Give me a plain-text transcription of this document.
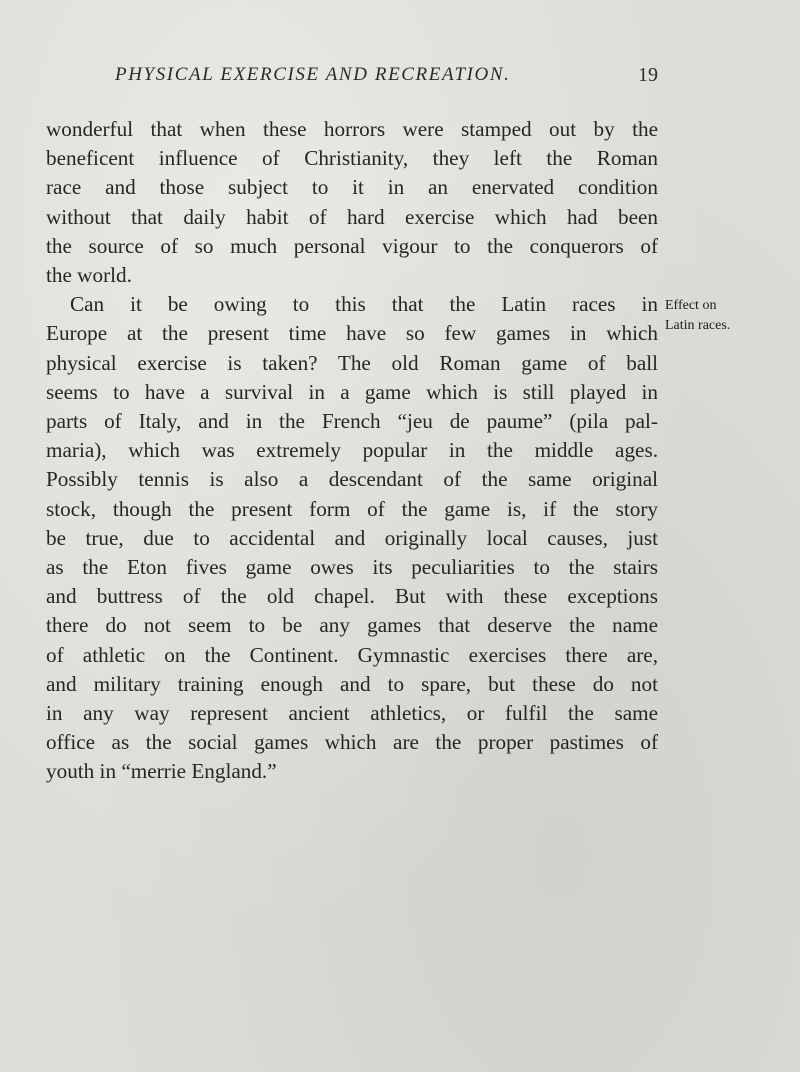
PHYSICAL EXERCISE AND RECREATION.	19
Effect on
Latin races.
wonderful that when these horrors were stamped out by the
beneficent influence of Christianity, they left the Roman
race and those subject to it in an enervated condition
without that daily habit of hard exercise which had been
the source of so much personal vigour to the conquerors of
the world.
Can it be owing to this that the Latin races in
Europe at the present time have so few games in which
physical exercise is taken? The old Roman game of ball
seems to have a survival in a game which is still played in
parts of Italy, and in the French “jeu de paume” (pila pal-
maria), which was extremely popular in the middle ages.
Possibly tennis is also a descendant of the same original
stock, though the present form of the game is, if the story
be true, due to accidental and originally local causes, just
as the Eton fives game owes its peculiarities to the stairs
and buttress of the old chapel. But with these exceptions
there do not seem to be any games that deserve the name
of athletic on the Continent. Gymnastic exercises there are,
and military training enough and to spare, but these do not
in any way represent ancient athletics, or fulfil the same
office as the social games which are the proper pastimes of
youth in “merrie England.”
